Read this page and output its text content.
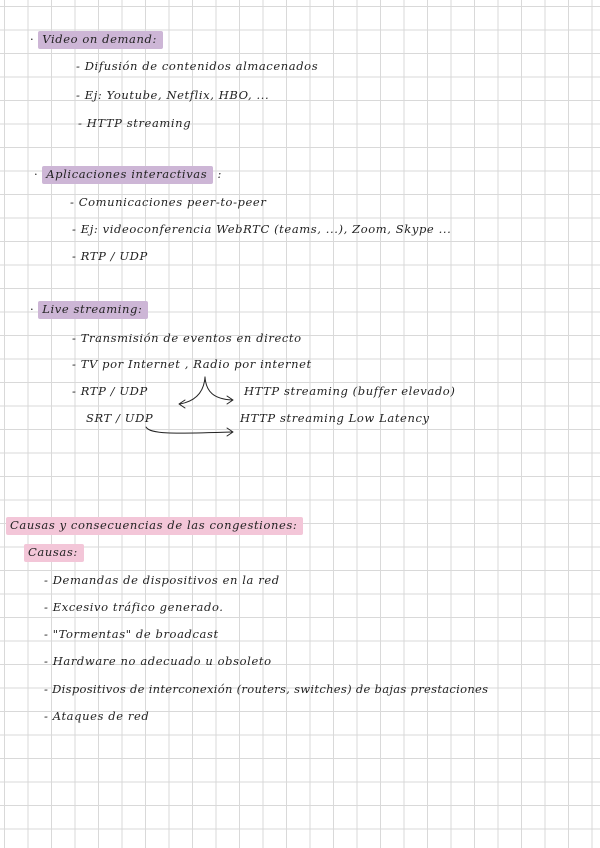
· Video on demand:
- Difusión de contenidos almacenados
- Ej: Youtube, Netflix, HBO, ...
- HTTP streaming
· Aplicaciones interactivas :
- Comunicaciones peer-to-peer
- Ej: videoconferencia WebRTC (teams, ...), Zoom, Skype ...
- RTP / UDP
· Live streaming:
- Transmisión de eventos en directo
- TV por Internet , Radio por internet
- RTP / UDP
SRT / UDP
HTTP streaming (buffer elevado)
HTTP streaming Low Latency
Causas y consecuencias de las congestiones:
Causas:
- Demandas de dispositivos en la red
- Excesivo tráfico generado.
- "Tormentas" de broadcast
- Hardware no adecuado u obsoleto
- Dispositivos de interconexión (routers, switches) de bajas prestaciones
- Ataques de red
